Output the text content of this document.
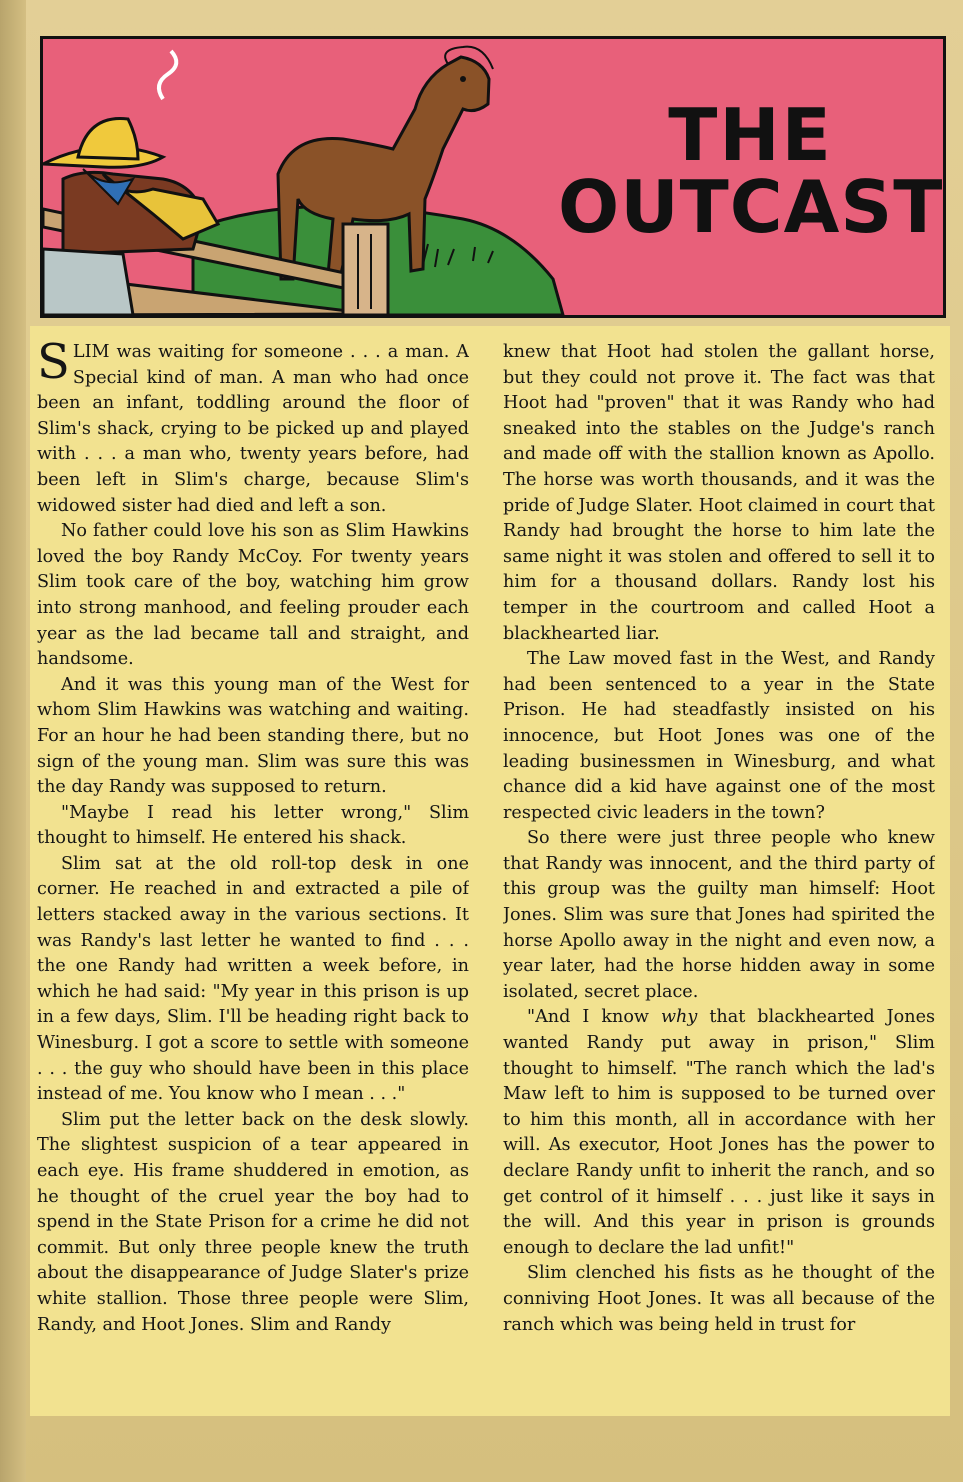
THE
OUTCAST

SLIM was waiting for someone . . . a man. A Special kind of man. A man who had once been an infant, toddling around the floor of Slim's shack, crying to be picked up and played with . . . a man who, twenty years before, had been left in Slim's charge, because Slim's widowed sister had died and left a son.

No father could love his son as Slim Hawkins loved the boy Randy McCoy. For twenty years Slim took care of the boy, watching him grow into strong manhood, and feeling prouder each year as the lad became tall and straight, and handsome.

And it was this young man of the West for whom Slim Hawkins was watching and waiting. For an hour he had been standing there, but no sign of the young man. Slim was sure this was the day Randy was supposed to return.

"Maybe I read his letter wrong," Slim thought to himself. He entered his shack.

Slim sat at the old roll-top desk in one corner. He reached in and extracted a pile of letters stacked away in the various sections. It was Randy's last letter he wanted to find . . . the one Randy had written a week before, in which he had said: "My year in this prison is up in a few days, Slim. I'll be heading right back to Winesburg. I got a score to settle with someone . . . the guy who should have been in this place instead of me. You know who I mean . . ."

Slim put the letter back on the desk slowly. The slightest suspicion of a tear appeared in each eye. His frame shuddered in emotion, as he thought of the cruel year the boy had to spend in the State Prison for a crime he did not commit. But only three people knew the truth about the disappearance of Judge Slater's prize white stallion. Those three people were Slim, Randy, and Hoot Jones. Slim and Randy

knew that Hoot had stolen the gallant horse, but they could not prove it. The fact was that Hoot had "proven" that it was Randy who had sneaked into the stables on the Judge's ranch and made off with the stallion known as Apollo. The horse was worth thousands, and it was the pride of Judge Slater. Hoot claimed in court that Randy had brought the horse to him late the same night it was stolen and offered to sell it to him for a thousand dollars. Randy lost his temper in the courtroom and called Hoot a blackhearted liar.

The Law moved fast in the West, and Randy had been sentenced to a year in the State Prison. He had steadfastly insisted on his innocence, but Hoot Jones was one of the leading businessmen in Winesburg, and what chance did a kid have against one of the most respected civic leaders in the town?

So there were just three people who knew that Randy was innocent, and the third party of this group was the guilty man himself: Hoot Jones. Slim was sure that Jones had spirited the horse Apollo away in the night and even now, a year later, had the horse hidden away in some isolated, secret place.

"And I know why that blackhearted Jones wanted Randy put away in prison," Slim thought to himself. "The ranch which the lad's Maw left to him is supposed to be turned over to him this month, all in accordance with her will. As executor, Hoot Jones has the power to declare Randy unfit to inherit the ranch, and so get control of it himself . . . just like it says in the will. And this year in prison is grounds enough to declare the lad unfit!"

Slim clenched his fists as he thought of the conniving Hoot Jones. It was all because of the ranch which was being held in trust for
